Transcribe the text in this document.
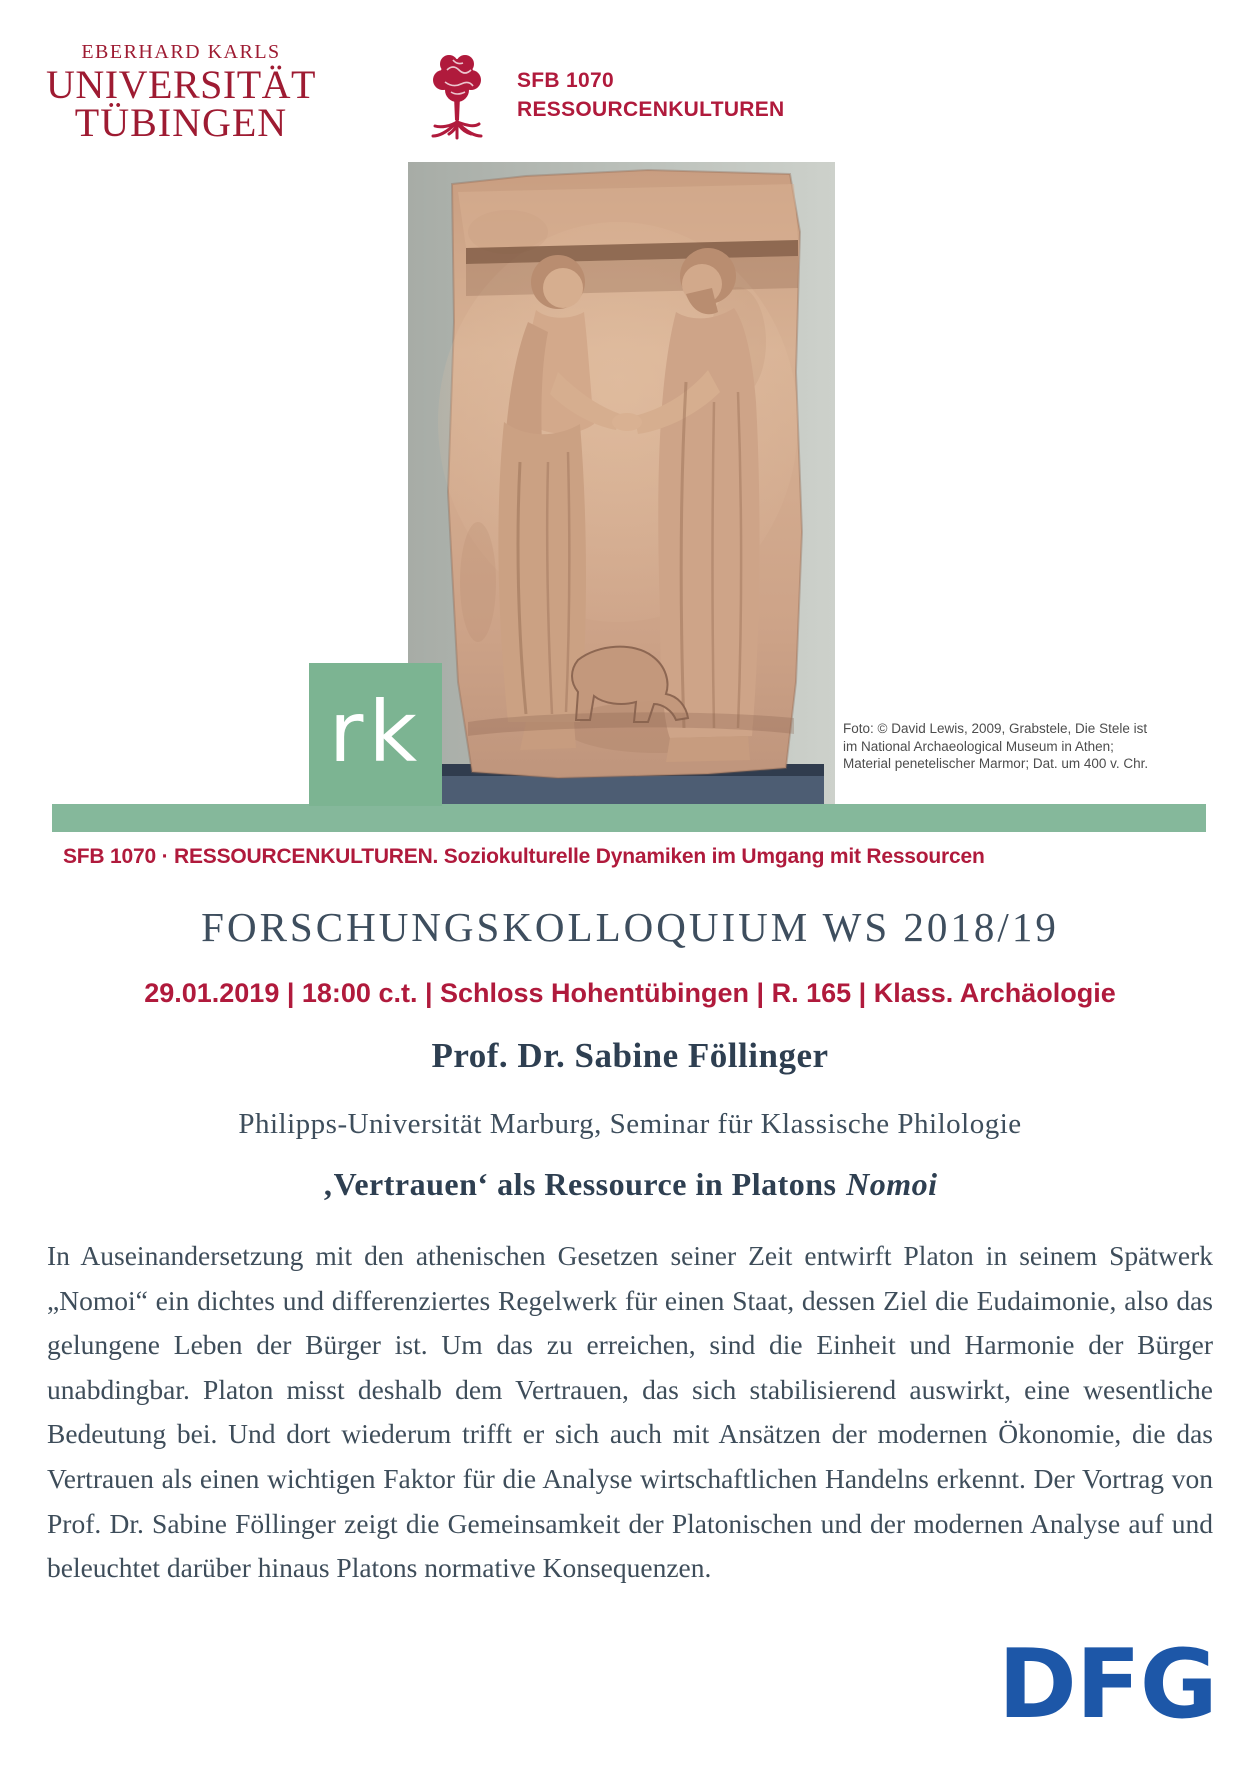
EBERHARD KARLS
UNIVERSITÄT
TÜBINGEN
SFB 1070
RESSOURCENKULTUREN
rk	Foto: © David Lewis, 2009, Grabstele, Die Stele ist im National Archaeological Museum in Athen; Material penetelischer Marmor; Dat. um 400 v. Chr.
SFB 1070 · RESSOURCENKULTUREN. Soziokulturelle Dynamiken im Umgang mit Ressourcen
FORSCHUNGSKOLLOQUIUM WS 2018/19
29.01.2019 | 18:00 c.t. | Schloss Hohentübingen | R. 165 | Klass. Archäologie
Prof. Dr. Sabine Föllinger
Philipps-Universität Marburg, Seminar für Klassische Philologie
‚Vertrauen‘ als Ressource in Platons Nomoi
In Auseinandersetzung mit den athenischen Gesetzen seiner Zeit entwirft Platon in seinem Spätwerk „Nomoi“ ein dichtes und differenziertes Regelwerk für einen Staat, dessen Ziel die Eudaimonie, also das gelungene Leben der Bürger ist. Um das zu erreichen, sind die Einheit und Harmonie der Bürger unabdingbar. Platon misst deshalb dem Vertrauen, das sich stabilisierend auswirkt, eine wesentliche Bedeutung bei. Und dort wiederum trifft er sich auch mit Ansätzen der modernen Ökonomie, die das Vertrauen als einen wichtigen Faktor für die Analyse wirtschaftlichen Handelns erkennt. Der Vortrag von Prof. Dr. Sabine Föllinger zeigt die Gemeinsamkeit der Platonischen und der modernen Analyse auf und beleuchtet darüber hinaus Platons normative Konsequenzen.
DFG
